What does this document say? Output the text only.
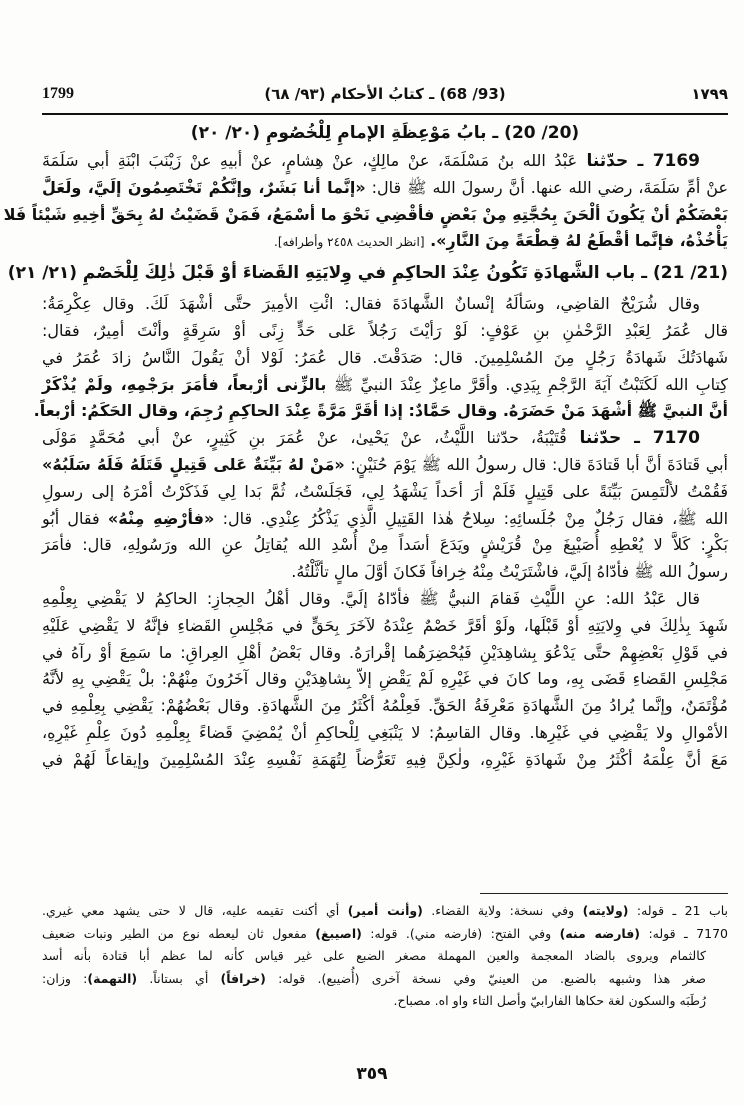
1799	(93/ 68) ـ كتابُ الأحكام (٩٣/ ٦٨)	١٧٩٩
(20/ 20) ـ بابُ مَوْعِظَةِ الإمامِ لِلْخُصُومِ (٢٠/ ٢٠)
7169 ـ حدّثنا عَبْدُ الله بنُ مَسْلَمَةَ، عنْ مالِكٍ، عنْ هِشامٍ، عنْ أبيهِ عنْ زَيْنَبَ ابْنَةِ أبي سَلَمَةَ
عنْ أمِّ سَلَمَةَ، رضي الله عنها. أنَّ رسولَ الله ﷺ قال: «إنَّما أنا بَشَرٌ، وإنَّكُمْ تَخْتَصِمُونَ إلَيَّ، ولَعَلَّ
بَعْضَكُمْ أنْ يَكُونَ ألْحَنَ بِحُجَّتِهِ مِنْ بَعْضٍ فأقْضِي نَحْوَ ما أسْمَعُ، فَمَنْ قَضَيْتُ لهُ بِحَقِّ أخِيهِ شَيْئاً فَلا
يَأْخُذْهُ، فإنَّما أقْطَعُ لهُ قِطْعَةً مِنَ النَّارِ». [انظر الحديث ٢٤٥٨ وأطرافه].
(21/ 21) ـ باب الشَّهادَةِ تَكُونُ عِنْدَ الحاكِمِ في وِلايَتِهِ القَضاءَ أوْ قَبْلَ ذٰلِكَ لِلْخَصْمِ (٢١/ ٢١)
وقال شُرَيْحٌ القاضِي، وسَألَهُ إنْسانٌ الشَّهادَةَ فقال: ائْتِ الأمِيرَ حتَّى أشْهَدَ لَكَ. وقال عِكْرِمَةُ:
قال عُمَرُ لِعَبْدِ الرَّحْمٰنِ بنِ عَوْفٍ: لَوْ رَأيْتَ رَجُلاً عَلى حَدٍّ زِنًى أوْ سَرِقَةٍ وأنْتَ أمِيرٌ، فقال:
شَهادَتُكَ شَهادَةُ رَجُلٍ مِنَ المُسْلِمِينَ. قال: صَدَقْتَ. قال عُمَرُ: لَوْلا أنْ يَقُولَ النَّاسُ زادَ عُمَرُ في
كِتابِ الله لَكَتَبْتُ آيَةَ الرَّجْمِ بِيَدِي. وأقَرَّ ماعِزٌ عِنْدَ النبيِّ ﷺ بالزِّنى أرْبعاً، فأمَرَ برَجْمِهِ، ولَمْ يُذْكَرْ
أنَّ النبيَّ ﷺ أشْهَدَ مَنْ حَضَرَهُ. وقال حَمَّادٌ: إذا أقَرَّ مَرَّةً عِنْدَ الحاكِمِ رُجِمَ، وقال الحَكَمُ: أرْبعاً.
7170 ـ حدّثنا قُتَيْبَةُ، حدّثنا اللَّيْثُ، عنْ يَحْيىٰ، عنْ عُمَرَ بنِ كَثِيرٍ، عنْ أبي مُحَمَّدٍ مَوْلَى
أبي قَتادَةَ أنَّ أبا قَتادَةَ قال: قال رسولُ الله ﷺ يَوْمَ حُنَيْنٍ: «مَنْ لهُ بَيِّنَةٌ عَلى قَتِيلٍ قَتَلَهُ فَلَهُ سَلَبُهُ»
فَقُمْتُ لألْتَمِسَ بَيِّنَةً على قَتِيلٍ فَلَمْ أرَ أحَداً يَشْهَدُ لِي، فَجَلَسْتُ، ثُمَّ بَدا لِي فَذَكَرْتُ أمْرَهُ إلى رسولِ
الله ﷺ، فقال رَجُلٌ مِنْ جُلَسائِهِ: سِلاحُ هٰذا القَتِيلِ الَّذِي يَذْكُرُ عِنْدِي. قال: «فأرْضِهِ مِنْهُ» فقال أبُو
بَكْرٍ: كَلاَّ لا يُعْطِهِ أُصَيْبِغَ مِنْ قُرَيْشٍ ويَدَعَ أسَداً مِنْ أُسْدِ الله يُقاتِلُ عنِ الله ورَسُولِهِ، قال: فأمَرَ
رسولُ الله ﷺ فأدّاهُ إلَيَّ، فاشْتَرَيْتُ مِنْهُ خِرافاً فَكانَ أوَّلَ مالٍ تأثَّلْتُهُ.
قال عَبْدُ الله: عنِ اللَّيْثِ فَقامَ النبيُّ ﷺ فأدّاهُ إلَيَّ. وقال أهْلُ الحِجازِ: الحاكِمُ لا يَقْضِي بِعِلْمِهِ
شَهِدَ بِذٰلِكَ في وِلايَتِهِ أوْ قَبْلَها، ولَوْ أقَرَّ خَصْمٌ عِنْدَهُ لآخَرَ بِحَقٍّ في مَجْلِسِ القَضاءِ فإنَّهُ لا يَقْضِي عَلَيْهِ
في قَوْلِ بَعْضِهِمْ حتَّى يَدْعُوَ بِشاهِدَيْنِ فَيُحْضِرَهُما إقْرارَهُ. وقال بَعْضُ أهْلِ العِراقِ: ما سَمِعَ أوْ رآهُ في
مَجْلِسِ القَضاءِ قَضَى بِهِ، وما كانَ في غَيْرِهِ لَمْ يَقْضِ إلاّ بِشاهِدَيْنِ وقال آخَرُونَ مِنْهُمْ: بلْ يَقْضِي بِهِ لأنَّهُ
مُؤْتَمَنٌ، وإنَّما يُرادُ مِنَ الشَّهادَةِ مَعْرِفَةُ الحَقِّ. فَعِلْمُهُ أكْثَرُ مِنَ الشَّهادَةِ. وقال بَعْضُهُمْ: يَقْضِي بِعِلْمِهِ في
الأمْوالِ ولا يَقْضِي في غَيْرِها. وقال القاسِمُ: لا يَنْبَغِي لِلْحاكِمِ أنْ يُمْضِيَ قَضاءً بِعِلْمِهِ دُونَ عِلْمِ غَيْرِهِ،
مَعَ أنَّ عِلْمَهُ أكْثَرُ مِنْ شَهادَةِ غَيْرِهِ، ولٰكِنَّ فِيهِ تَعَرُّضاً لِتُهَمَةِ نَفْسِهِ عِنْدَ المُسْلِمِينَ وإيقاعاً لَهُمْ في
باب 21 ـ قوله: (ولايته) وفي نسخة: ولاية القضاء. (وأنت أمير) أي أكنت تقيمه عليه، قال لا حتى يشهد معي غيري.
7170 ـ قوله: (فارضه منه) وفي الفتح: (فارضه مني). قوله: (اصيبغ) مفعول ثان ليعطه نوع من الطير ونبات ضعيف
كالثمام ويروى بالضاد المعجمة والعين المهملة مصغر الضبع على غير قياس كأنه لما عظم أبا قتادة بأنه أسد
صغر هذا وشبهه بالضبع. من العينيّ وفي نسخة آخرى (أُضيبع). قوله: (خرافاً) أي بستاناً. (التهمة): وزان:
رُطَبَه والسكون لغة حكاها الفارابيّ وأصل التاء واو اه. مصباح.
٣٥٩
